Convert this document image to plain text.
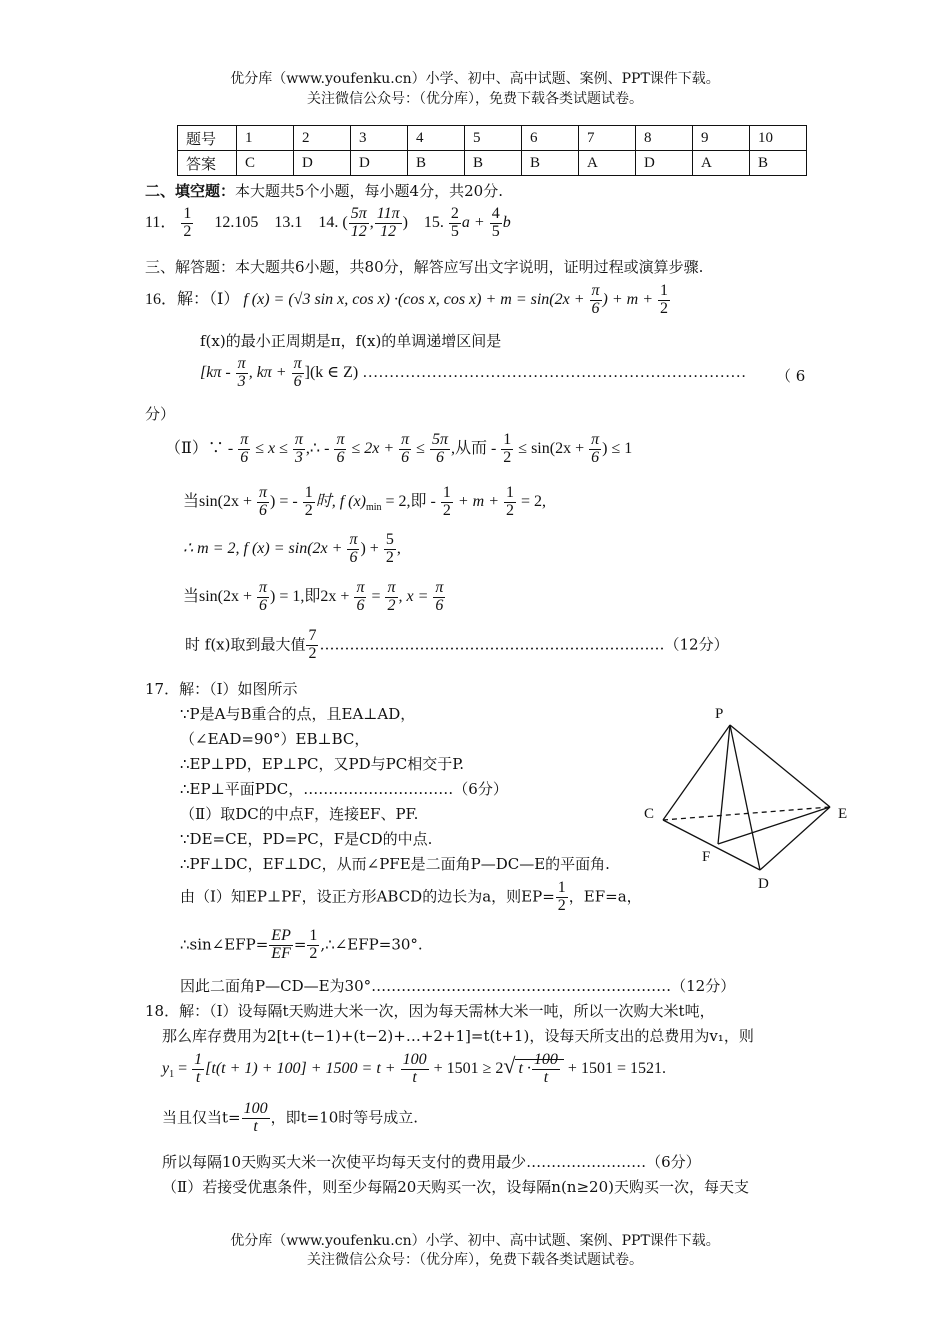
优分库（www.youfenku.cn）小学、初中、高中试题、案例、PPT课件下载。
关注微信公众号：（优分库），免费下载各类试题试卷。
题号	1	2	3	4	5	6	7	8	9	10
答案	C	D	D	B	B	B	A	D	A	B
二、填空题：本大题共5个小题，每小题4分，共20分.
11． $\frac{1}{2} 12.105$ 13.1 14. ( $\frac{5\pi}{12}$ , $\frac{11\pi}{12}$ ) 15. $\frac{2}{5}$ $a + \frac{4}{5}$ b
三、解答题：本大题共6小题，共80分，解答应写出文字说明，证明过程或演算步骤.
16．解：（Ⅰ） f (x) = (√3 sin x, cos x) ·(cos x, $\cos x) + m = \sin(2x + \frac{\pi}{6}$ ) + $m + \frac{1}{2}$
f(x)的最小正周期是π，f(x)的单调递增区间是
[$k\pi - \frac{\pi}{3}$ , $k\pi + \frac{\pi}{6} ](k$ ∈ Z) ……………………………………………………………… （ 6
分）
（Ⅱ）∵ - $\frac{\pi}{6} \le x \le \frac{\pi}{3}$ ,∴ - $\frac{\pi}{6} \le 2x + \frac{\pi}{6} \le \frac{5\pi}{6}$ ,从而 - $\frac{1}{2} \le \sin(2x + \frac{\pi}{6}$ ) ≤ 1
当$\sin(2x + \frac{\pi}{6}$ ) = - $\frac{1}{2}$ 时, f $(x)_{min} = 2$,即 - $\frac{1}{2} + m + \frac{1}{2} = 2$,
∴ m = 2, f $(x) = \sin(2x + \frac{\pi}{6}$ ) + $\frac{5}{2}$ ,
当$\sin(2x + \frac{\pi}{6}$ ) = 1,即$2x + \frac{\pi}{6} = \frac{\pi}{2}$ , $x = \frac{\pi}{6}$
时 f(x)取到最大值 $\frac{7}{2}$ ……………………………………………………………（12分）
17．解：（Ⅰ）如图所示
∵P是A与B重合的点，且EA⊥AD，
（∠EAD=90°）EB⊥BC，
∴EP⊥PD，EP⊥PC，又PD与PC相交于P.
∴EP⊥平面PDC，…………………………（6分）
（Ⅱ）取DC的中点F，连接EF、PF.
∵DE=CE，PD=PC，F是CD的中点.
∴PF⊥DC，EF⊥DC，从而∠PFE是二面角P—DC—E的平面角.
由（Ⅰ）知EP⊥PF，设正方形ABCD的边长为a，则$EP= \frac{1}{2}$ ，EF=a，
∴sin∠EFP= $\frac{EP}{EF} = \frac{1}{2}$ ,∴∠EFP=30°.
因此二面角P—CD—E为30°……………………………………………………（12分）
P
C	E
F
D
18．解：（Ⅰ）设每隔t天购进大米一次，因为每天需林大米一吨，所以一次购大米t吨，
那么库存费用为2[t+(t−1)+(t−2)+…+2+1]=t(t+1)，设每天所支出的总费用为v₁，则
$y_1 = \frac{1}{t} [t(t + 1) + 100] + 1500 = t + \frac{100}{t} + 1501 \ge 2√$ $t \cdot \frac{100}{t} + 1501 = 1521$.
当且仅当$t= \frac{100}{t}$ ，即t=10时等号成立.
所以每隔10天购买大米一次使平均每天支付的费用最少……………………（6分）
（Ⅱ）若接受优惠条件，则至少每隔20天购买一次，设每隔n(n≥20)天购买一次，每天支
优分库（www.youfenku.cn）小学、初中、高中试题、案例、PPT课件下载。
关注微信公众号：（优分库），免费下载各类试题试卷。
